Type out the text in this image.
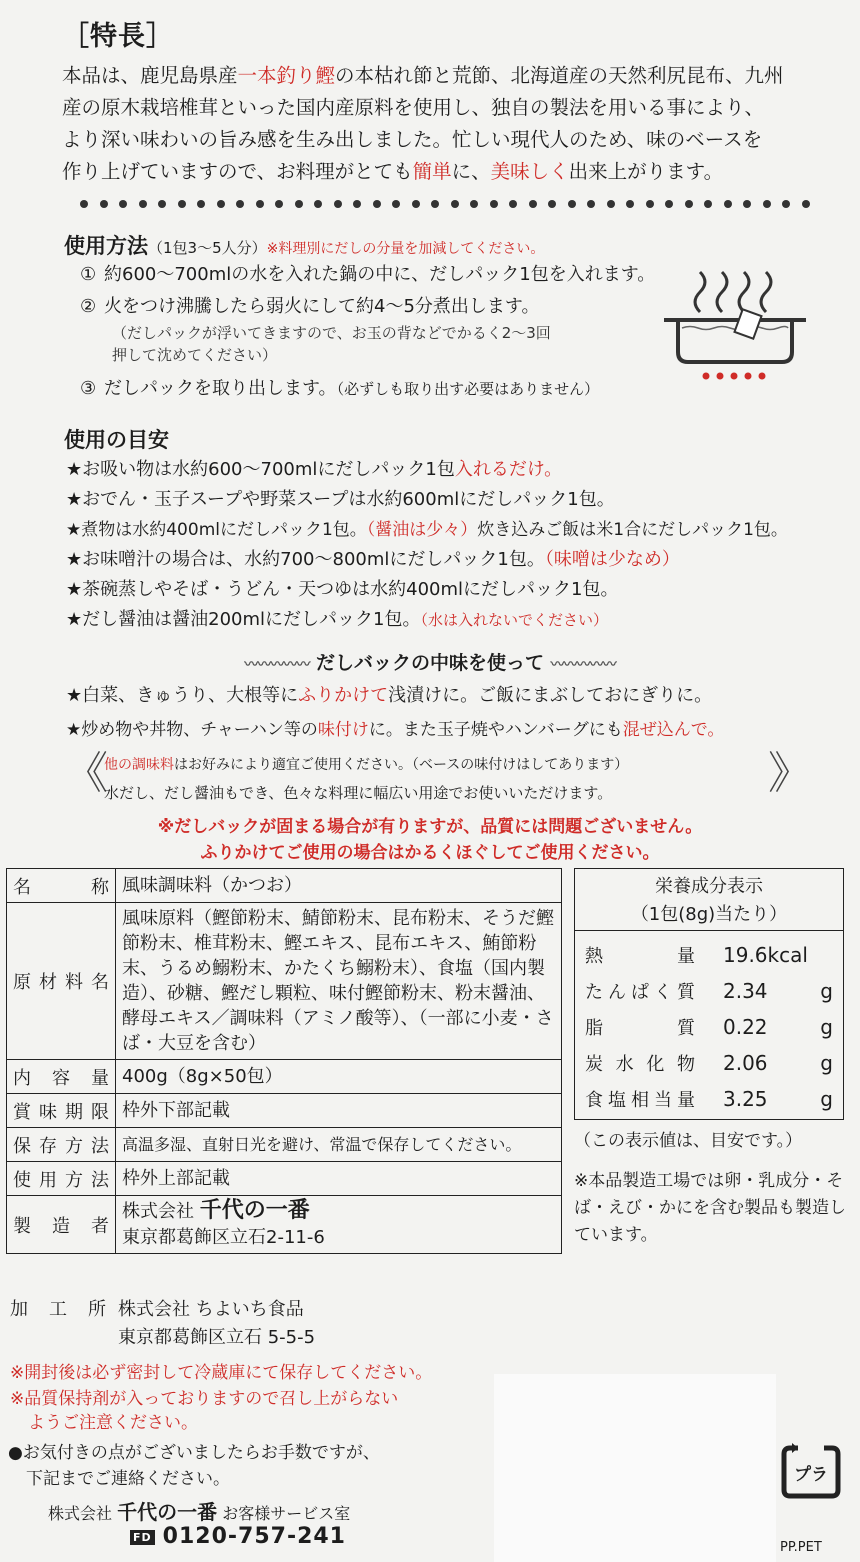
［特長］
本品は、鹿児島県産一本釣り鰹の本枯れ節と荒節、北海道産の天然利尻昆布、九州
産の原木栽培椎茸といった国内産原料を使用し、独自の製法を用いる事により、
より深い味わいの旨み感を生み出しました。忙しい現代人のため、味のベースを
作り上げていますので、お料理がとても簡単に、美味しく出来上がります。
使用方法（1包3～5人分）※料理別にだしの分量を加減してください。
① 約600～700mlの水を入れた鍋の中に、だしパック1包を入れます。
② 火をつけ沸騰したら弱火にして約4～5分煮出します。
（だしパックが浮いてきますので、お玉の背などでかるく2～3回
押して沈めてください）
③ だしパックを取り出します。（必ずしも取り出す必要はありません）
使用の目安
★お吸い物は水約600～700mlにだしパック1包入れるだけ。
★おでん・玉子スープや野菜スープは水約600mlにだしパック1包。
★煮物は水約400mlにだしパック1包。（醤油は少々）炊き込みご飯は米1合にだしパック1包。
★お味噌汁の場合は、水約700～800mlにだしパック1包。（味噌は少なめ）
★茶碗蒸しやそば・うどん・天つゆは水約400mlにだしパック1包。
★だし醤油は醤油200mlにだしパック1包。（水は入れないでください）
〰〰〰〰〰 だしバックの中味を使って 〰〰〰〰〰
★白菜、きゅうり、大根等にふりかけて浅漬けに。ご飯にまぶしておにぎりに。
★炒め物や丼物、チャーハン等の味付けに。また玉子焼やハンバーグにも混ぜ込んで。
《	》
他の調味料はお好みにより適宜ご使用ください。（ベースの味付けはしてあります）
水だし、だし醤油もでき、色々な料理に幅広い用途でお使いいただけます。
※だしバックが固まる場合が有りますが、品質には問題ございません。
ふりかけてご使用の場合はかるくほぐしてご使用ください。
名称	風味調味料（かつお）
原材料名	風味原料（鰹節粉末、鯖節粉末、昆布粉末、そうだ鰹節粉末、椎茸粉末、鰹エキス、昆布エキス、鮪節粉末、うるめ鰯粉末、かたくち鰯粉末）、食塩（国内製造）、砂糖、鰹だし顆粒、味付鰹節粉末、粉末醤油、酵母エキス／調味料（アミノ酸等）、（一部に小麦・さば・大豆を含む）
内容量	400g（8g×50包）
賞味期限	枠外下部記載
保存方法	高温多湿、直射日光を避け、常温で保存してください。
使用方法	枠外上部記載
製造者	株式会社 千代の一番
東京都葛飾区立石2-11-6
加工所 株式会社 ちよいち食品
東京都葛飾区立石 5-5-5
栄養成分表示
（1包(8g)当たり）
熱量	19.6kcal
たんぱく質	2.34	g
脂質	0.22	g
炭水化物	2.06	g
食塩相当量	3.25	g
（この表示値は、目安です。）
※本品製造工場では卵・乳成分・そば・えび・かにを含む製品も製造しています。
※開封後は必ず密封して冷蔵庫にて保存してください。
※品質保持剤が入っておりますので召し上がらない
ようご注意ください。
●お気付きの点がございましたらお手数ですが、
下記までご連絡ください。
株式会社 千代の一番 お客様サービス室
FD 0120-757-241
プラ
PP.PET
